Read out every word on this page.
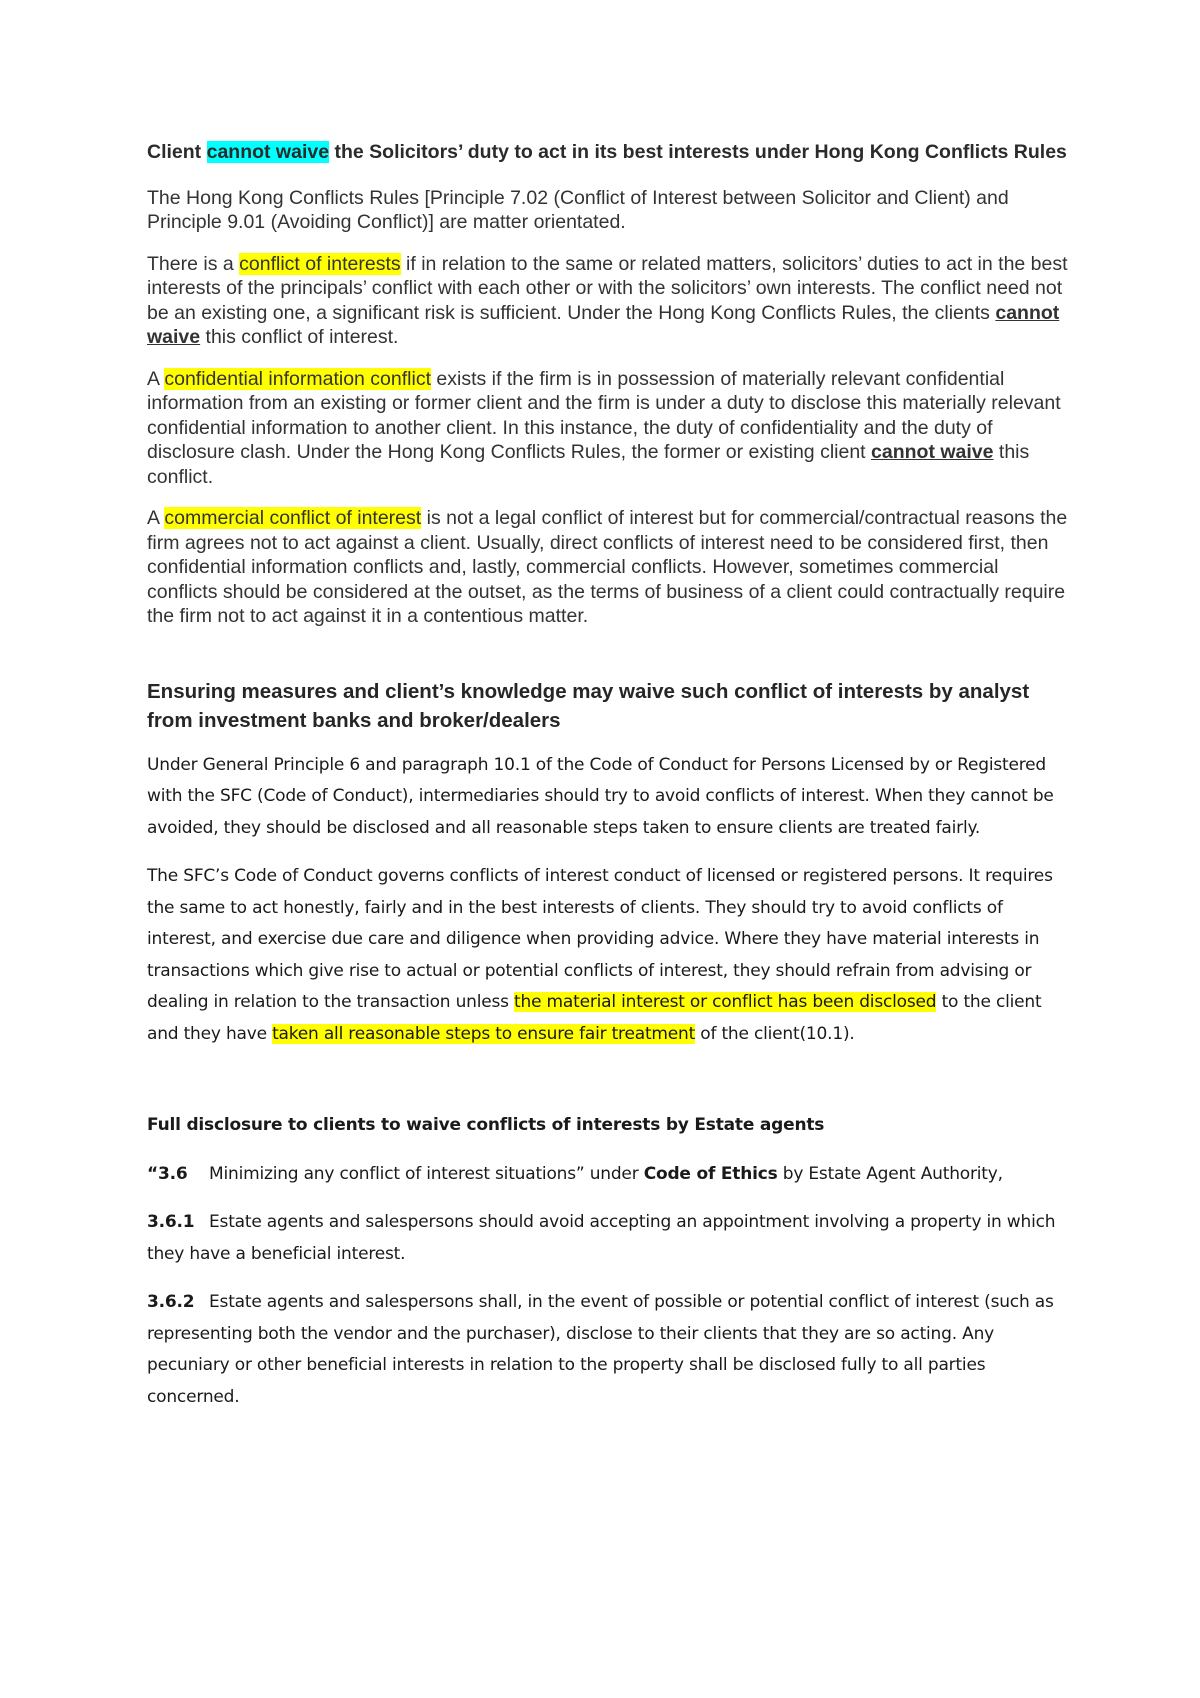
Client cannot waive the Solicitors’ duty to act in its best interests under Hong Kong Conflicts Rules

The Hong Kong Conflicts Rules [Principle 7.02 (Conflict of Interest between Solicitor and Client) and Principle 9.01 (Avoiding Conflict)] are matter orientated.

There is a conflict of interests if in relation to the same or related matters, solicitors’ duties to act in the best interests of the principals’ conflict with each other or with the solicitors’ own interests. The conflict need not be an existing one, a significant risk is sufficient. Under the Hong Kong Conflicts Rules, the clients cannot waive this conflict of interest.

A confidential information conflict exists if the firm is in possession of materially relevant confidential information from an existing or former client and the firm is under a duty to disclose this materially relevant confidential information to another client. In this instance, the duty of confidentiality and the duty of disclosure clash. Under the Hong Kong Conflicts Rules, the former or existing client cannot waive this conflict.

A commercial conflict of interest is not a legal conflict of interest but for commercial/contractual reasons the firm agrees not to act against a client. Usually, direct conflicts of interest need to be considered first, then confidential information conflicts and, lastly, commercial conflicts. However, sometimes commercial conflicts should be considered at the outset, as the terms of business of a client could contractually require the firm not to act against it in a contentious matter.

Ensuring measures and client’s knowledge may waive such conflict of interests by analyst from investment banks and broker/dealers

Under General Principle 6 and paragraph 10.1 of the Code of Conduct for Persons Licensed by or Registered with the SFC (Code of Conduct), intermediaries should try to avoid conflicts of interest. When they cannot be avoided, they should be disclosed and all reasonable steps taken to ensure clients are treated fairly.

The SFC’s Code of Conduct governs conflicts of interest conduct of licensed or registered persons. It requires the same to act honestly, fairly and in the best interests of clients. They should try to avoid conflicts of interest, and exercise due care and diligence when providing advice. Where they have material interests in transactions which give rise to actual or potential conflicts of interest, they should refrain from advising or dealing in relation to the transaction unless the material interest or conflict has been disclosed to the client and they have taken all reasonable steps to ensure fair treatment of the client(10.1).

Full disclosure to clients to waive conflicts of interests by Estate agents

“3.6 Minimizing any conflict of interest situations” under Code of Ethics by Estate Agent Authority,

3.6.1 Estate agents and salespersons should avoid accepting an appointment involving a property in which they have a beneficial interest.

3.6.2 Estate agents and salespersons shall, in the event of possible or potential conflict of interest (such as representing both the vendor and the purchaser), disclose to their clients that they are so acting. Any pecuniary or other beneficial interests in relation to the property shall be disclosed fully to all parties concerned.
